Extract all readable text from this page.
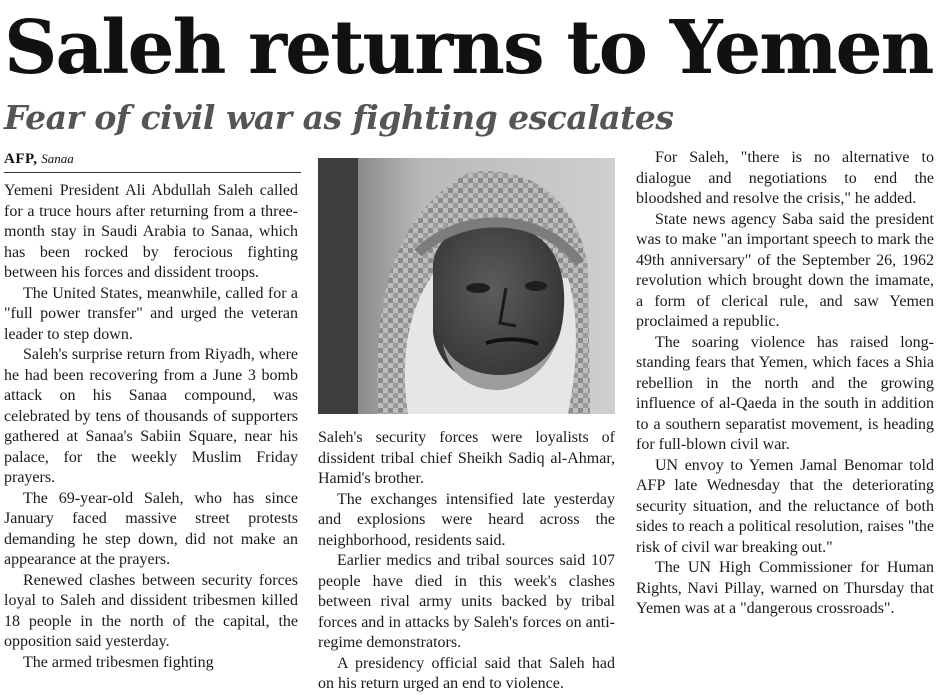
Saleh returns to Yemen
Fear of civil war as fighting escalates
AFP, Sanaa

Yemeni President Ali Abdullah Saleh called for a truce hours after returning from a three-month stay in Saudi Arabia to Sanaa, which has been rocked by ferocious fighting between his forces and dissident troops.

The United States, meanwhile, called for a "full power transfer" and urged the veteran leader to step down.

Saleh's surprise return from Riyadh, where he had been recovering from a June 3 bomb attack on his Sanaa compound, was celebrated by tens of thousands of supporters gathered at Sanaa's Sabiin Square, near his palace, for the weekly Muslim Friday prayers.

The 69-year-old Saleh, who has since January faced massive street protests demanding he step down, did not make an appearance at the prayers.

Renewed clashes between security forces loyal to Saleh and dissident tribesmen killed 18 people in the north of the capital, the opposition said yesterday.

The armed tribesmen fighting

Saleh's security forces were loyalists of dissident tribal chief Sheikh Sadiq al-Ahmar, Hamid's brother.

The exchanges intensified late yesterday and explosions were heard across the neighborhood, residents said.

Earlier medics and tribal sources said 107 people have died in this week's clashes between rival army units backed by tribal forces and in attacks by Saleh's forces on anti-regime demonstrators.

A presidency official said that Saleh had on his return urged an end to violence.

For Saleh, "there is no alternative to dialogue and negotiations to end the bloodshed and resolve the crisis," he added.

State news agency Saba said the president was to make "an important speech to mark the 49th anniversary" of the September 26, 1962 revolution which brought down the imamate, a form of clerical rule, and saw Yemen proclaimed a republic.

The soaring violence has raised long-standing fears that Yemen, which faces a Shia rebellion in the north and the growing influence of al-Qaeda in the south in addition to a southern separatist movement, is heading for full-blown civil war.

UN envoy to Yemen Jamal Benomar told AFP late Wednesday that the deteriorating security situation, and the reluctance of both sides to reach a political resolution, raises "the risk of civil war breaking out."

The UN High Commissioner for Human Rights, Navi Pillay, warned on Thursday that Yemen was at a "dangerous crossroads".
